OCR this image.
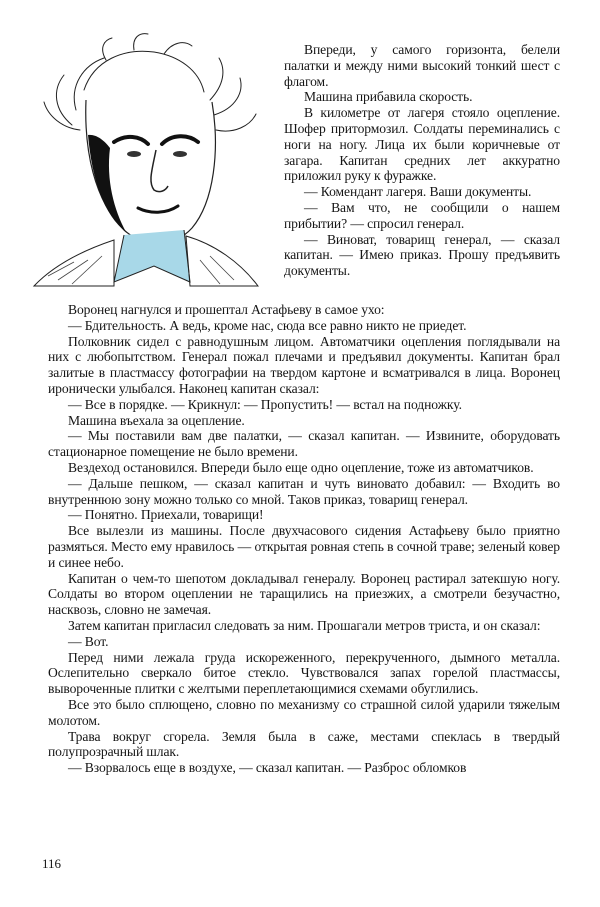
Впереди, у самого горизонта, белели палатки и между ними высокий тонкий шест с флагом.

Машина прибавила скорость.

В километре от лагеря стояло оцепление. Шофер притормозил. Солдаты переминались с ноги на ногу. Лица их были коричневые от загара. Капитан средних лет аккуратно приложил руку к фуражке.

— Комендант лагеря. Ваши документы.

— Вам что, не сообщили о нашем прибытии? — спросил генерал.

— Виноват, товарищ генерал, — сказал капитан. — Имею приказ. Прошу предъявить документы.

Воронец нагнулся и прошептал Астафьеву в самое ухо:

— Бдительность. А ведь, кроме нас, сюда все равно никто не приедет.

Полковник сидел с равнодушным лицом. Автоматчики оцепления поглядывали на них с любопытством. Генерал пожал плечами и предъявил документы. Капитан брал залитые в пластмассу фотографии на твердом картоне и всматривался в лица. Воронец иронически улыбался. Наконец капитан сказал:

— Все в порядке. — Крикнул: — Пропустить! — встал на подножку.

Машина въехала за оцепление.

— Мы поставили вам две палатки, — сказал капитан. — Извините, оборудовать стационарное помещение не было времени.

Вездеход остановился. Впереди было еще одно оцепление, тоже из автоматчиков.

— Дальше пешком, — сказал капитан и чуть виновато добавил: — Входить во внутреннюю зону можно только со мной. Таков приказ, товарищ генерал.

— Понятно. Приехали, товарищи!

Все вылезли из машины. После двухчасового сидения Астафьеву было приятно размяться. Место ему нравилось — открытая ровная степь в сочной траве; зеленый ковер и синее небо.

Капитан о чем-то шепотом докладывал генералу. Воронец растирал затекшую ногу. Солдаты во втором оцеплении не таращились на приезжих, а смотрели безучастно, насквозь, словно не замечая.

Затем капитан пригласил следовать за ним. Прошагали метров триста, и он сказал:

— Вот.

Перед ними лежала груда искореженного, перекрученного, дымного металла. Ослепительно сверкало битое стекло. Чувствовался запах горелой пластмассы, вывороченные плитки с желтыми переплетающимися схемами обуглились.

Все это было сплющено, словно по механизму со страшной силой ударили тяжелым молотом.

Трава вокруг сгорела. Земля была в саже, местами спеклась в твердый полупрозрачный шлак.

— Взорвалось еще в воздухе, — сказал капитан. — Разброс обломков

116
